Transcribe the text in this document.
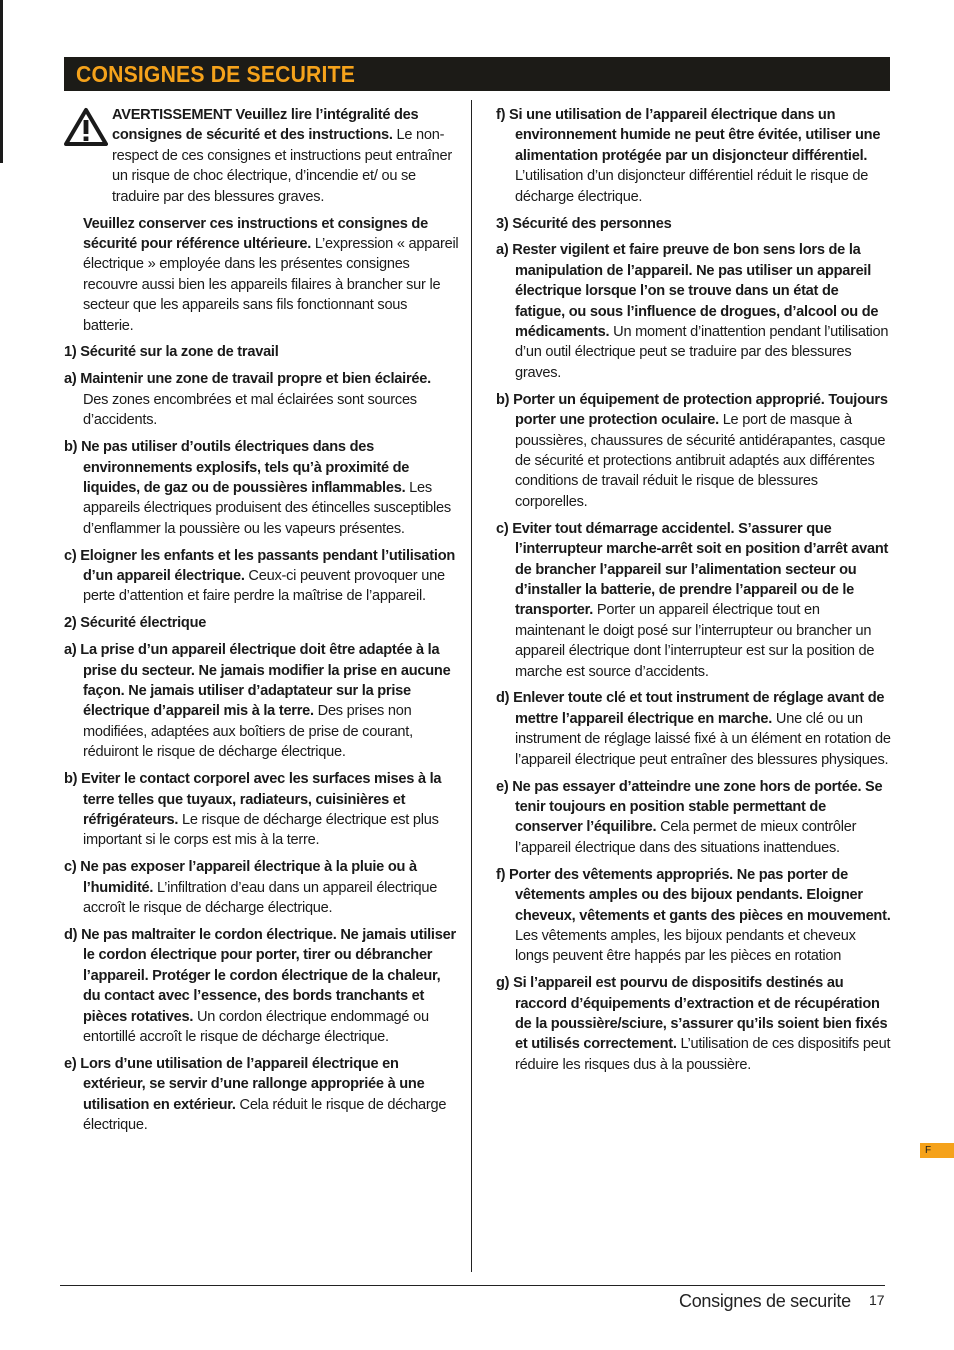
CONSIGNES DE SECURITE

AVERTISSEMENT Veuillez lire l’intégralité des consignes de sécurité et des instructions. Le non-respect de ces consignes et instructions peut entraîner un risque de choc électrique, d’incendie et/ ou se traduire par des blessures graves.

Veuillez conserver ces instructions et consignes de sécurité pour référence ultérieure. L’expression « appareil électrique » employée dans les présentes consignes recouvre aussi bien les appareils filaires à brancher sur le secteur que les appareils sans fils fonctionnant sous batterie.

1) Sécurité sur la zone de travail

a) Maintenir une zone de travail propre et bien éclairée. Des zones encombrées et mal éclairées sont sources d’accidents.

b) Ne pas utiliser d’outils électriques dans des environnements explosifs, tels qu’à proximité de liquides, de gaz ou de poussières inflammables. Les appareils électriques produisent des étincelles susceptibles d’enflammer la poussière ou les vapeurs présentes.

c) Eloigner les enfants et les passants pendant l’utilisation d’un appareil électrique. Ceux-ci peuvent provoquer une perte d’attention et faire perdre la maîtrise de l’appareil.

2) Sécurité électrique

a) La prise d’un appareil électrique doit être adaptée à la prise du secteur. Ne jamais modifier la prise en aucune façon. Ne jamais utiliser d’adaptateur sur la prise électrique d’appareil mis à la terre. Des prises non modifiées, adaptées aux boîtiers de prise de courant, réduiront le risque de décharge électrique.

b) Eviter le contact corporel avec les surfaces mises à la terre telles que tuyaux, radiateurs, cuisinières et réfrigérateurs. Le risque de décharge électrique est plus important si le corps est mis à la terre.

c) Ne pas exposer l’appareil électrique à la pluie ou à l’humidité. L’infiltration d’eau dans un appareil électrique accroît le risque de décharge électrique.

d) Ne pas maltraiter le cordon électrique. Ne jamais utiliser le cordon électrique pour porter, tirer ou débrancher l’appareil. Protéger le cordon électrique de la chaleur, du contact avec l’essence, des bords tranchants et pièces rotatives. Un cordon électrique endommagé ou entortillé accroît le risque de décharge électrique.

e) Lors d’une utilisation de l’appareil électrique en extérieur, se servir d’une rallonge appropriée à une utilisation en extérieur. Cela réduit le risque de décharge électrique.

f) Si une utilisation de l’appareil électrique dans un environnement humide ne peut être évitée, utiliser une alimentation protégée par un disjoncteur différentiel. L’utilisation d’un disjoncteur différentiel réduit le risque de décharge électrique.

3) Sécurité des personnes

a) Rester vigilent et faire preuve de bon sens lors de la manipulation de l’appareil. Ne pas utiliser un appareil électrique lorsque l’on se trouve dans un état de fatigue, ou sous l’influence de drogues, d’alcool ou de médicaments. Un moment d’inattention pendant l’utilisation d’un outil électrique peut se traduire par des blessures graves.

b) Porter un équipement de protection approprié. Toujours porter une protection oculaire. Le port de masque à poussières, chaussures de sécurité antidérapantes, casque de sécurité et protections antibruit adaptés aux différentes conditions de travail réduit le risque de blessures corporelles.

c) Eviter tout démarrage accidentel. S’assurer que l’interrupteur marche-arrêt soit en position d’arrêt avant de brancher l’appareil sur l’alimentation secteur ou d’installer la batterie, de prendre l’appareil ou de le transporter. Porter un appareil électrique tout en maintenant le doigt posé sur l’interrupteur ou brancher un appareil électrique dont l’interrupteur est sur la position de marche est source d’accidents.

d) Enlever toute clé et tout instrument de réglage avant de mettre l’appareil électrique en marche. Une clé ou un instrument de réglage laissé fixé à un élément en rotation de l’appareil électrique peut entraîner des blessures physiques.

e) Ne pas essayer d’atteindre une zone hors de portée. Se tenir toujours en position stable permettant de conserver l’équilibre. Cela permet de mieux contrôler l’appareil électrique dans des situations inattendues.

f) Porter des vêtements appropriés. Ne pas porter de vêtements amples ou des bijoux pendants. Eloigner cheveux, vêtements et gants des pièces en mouvement. Les vêtements amples, les bijoux pendants et cheveux longs peuvent être happés par les pièces en rotation

g) Si l’appareil est pourvu de dispositifs destinés au raccord d’équipements d’extraction et de récupération de la poussière/sciure, s’assurer qu’ils soient bien fixés et utilisés correctement. L’utilisation de ces dispositifs peut réduire les risques dus à la poussière.

F
Consignes de securite 17
